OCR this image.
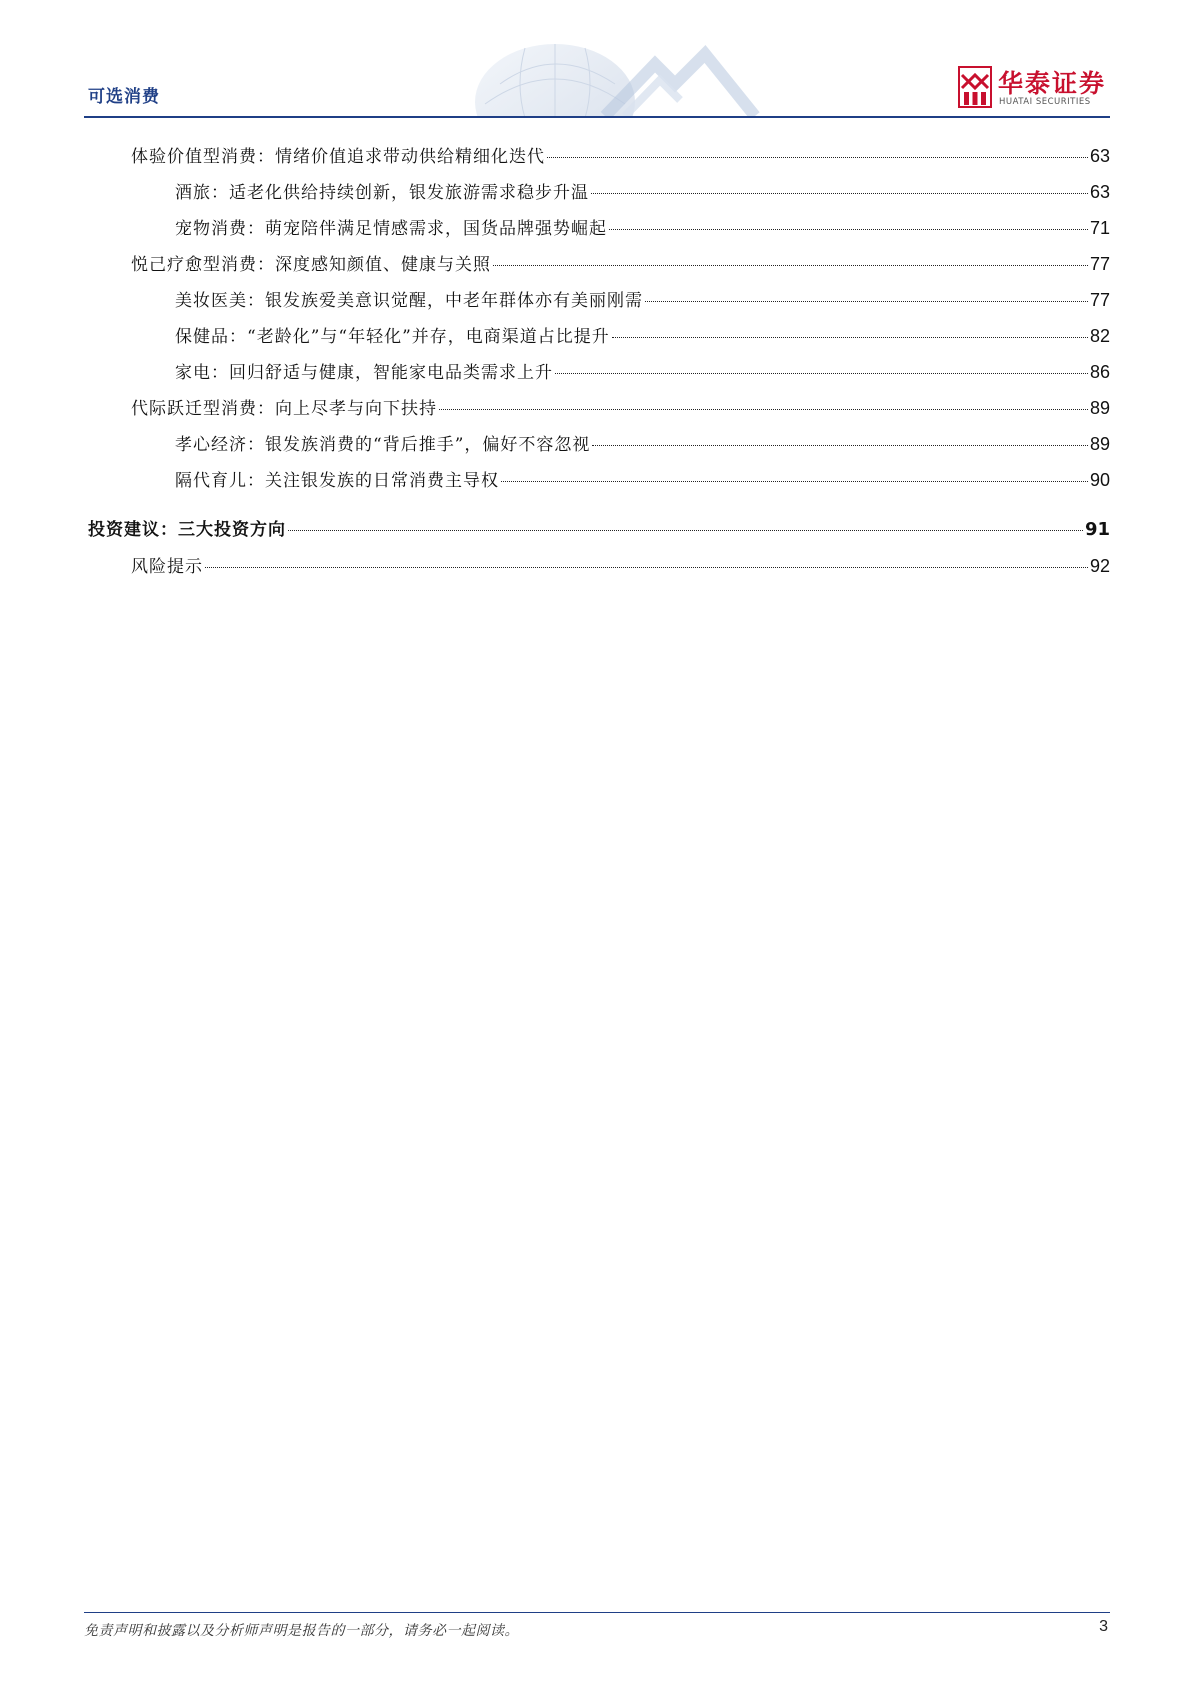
可选消费	华泰证券
HUATAI SECURITIES
体验价值型消费：情绪价值追求带动供给精细化迭代	63
酒旅：适老化供给持续创新，银发旅游需求稳步升温	63
宠物消费：萌宠陪伴满足情感需求，国货品牌强势崛起	71
悦己疗愈型消费：深度感知颜值、健康与关照	77
美妆医美：银发族爱美意识觉醒，中老年群体亦有美丽刚需	77
保健品：“老龄化”与“年轻化”并存，电商渠道占比提升	82
家电：回归舒适与健康，智能家电品类需求上升	86
代际跃迁型消费：向上尽孝与向下扶持	89
孝心经济：银发族消费的“背后推手”，偏好不容忽视	89
隔代育儿：关注银发族的日常消费主导权	90
投资建议：三大投资方向	91
风险提示	92
免责声明和披露以及分析师声明是报告的一部分，请务必一起阅读。	3
